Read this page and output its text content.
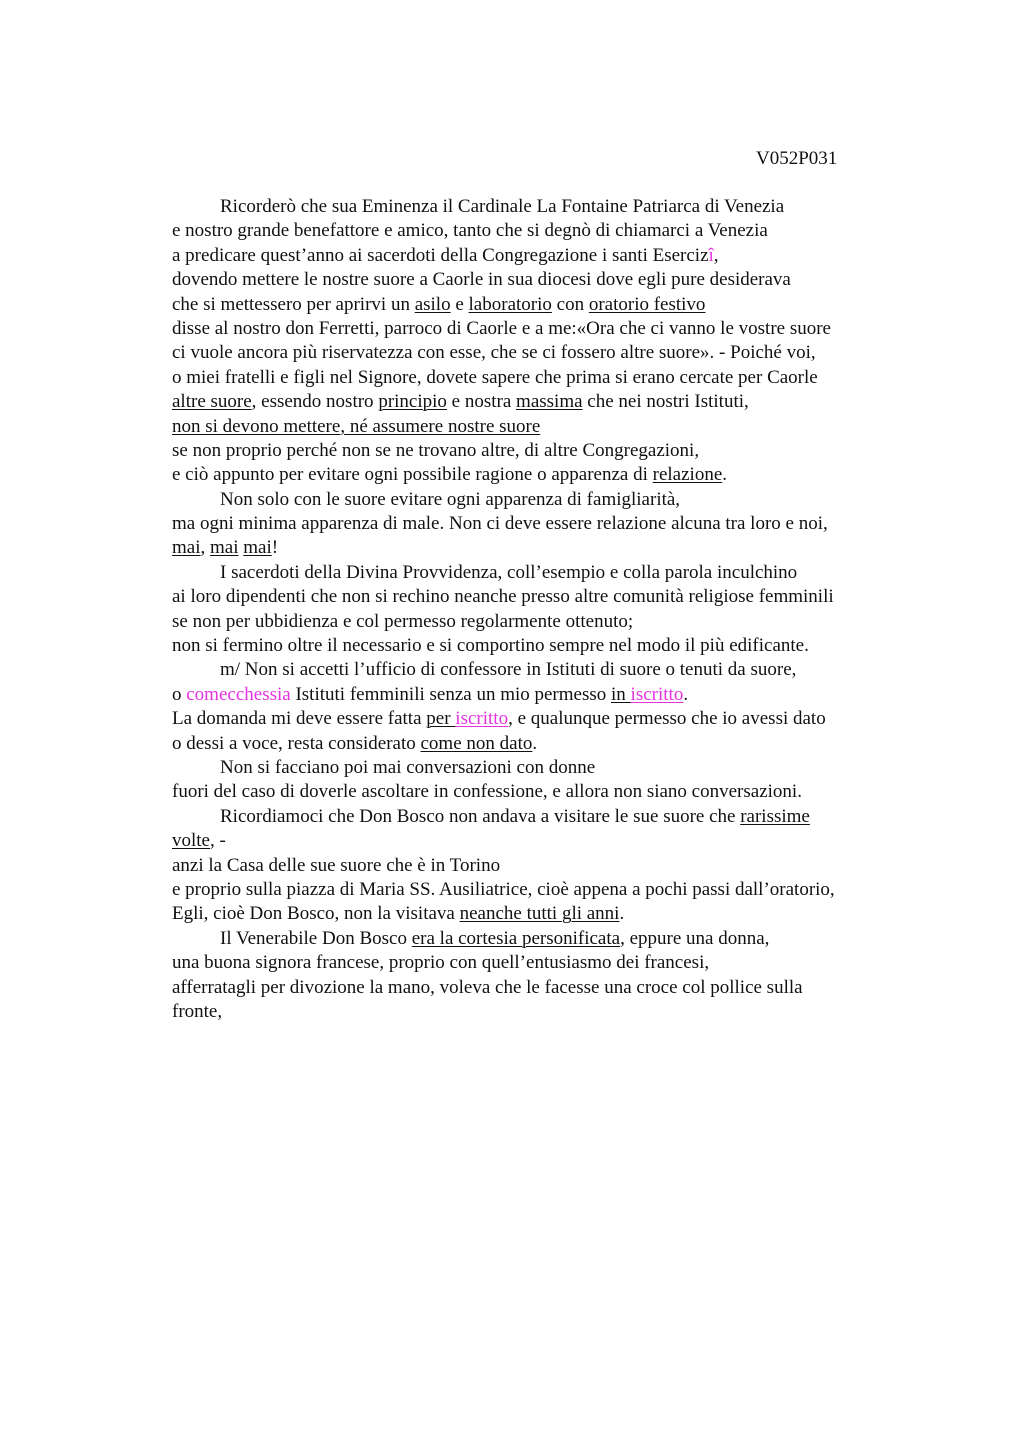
V052P031
Ricorderò che sua Eminenza il Cardinale La Fontaine Patriarca di Venezia
e nostro grande benefattore e amico, tanto che si degnò di chiamarci a Venezia
a predicare quest’anno ai sacerdoti della Congregazione i santi Esercizî,
dovendo mettere le nostre suore a Caorle in sua diocesi dove egli pure desiderava
che si mettessero per aprirvi un asilo e laboratorio con oratorio festivo
disse al nostro don Ferretti, parroco di Caorle e a me:«Ora che ci vanno le vostre suore
ci vuole ancora più riservatezza con esse, che se ci fossero altre suore». - Poiché voi,
o miei fratelli e figli nel Signore, dovete sapere che prima si erano cercate per Caorle
altre suore, essendo nostro principio e nostra massima che nei nostri Istituti,
non si devono mettere, né assumere nostre suore
se non proprio perché non se ne trovano altre, di altre Congregazioni,
e ciò appunto per evitare ogni possibile ragione o apparenza di relazione.
Non solo con le suore evitare ogni apparenza di famigliarità,
ma ogni minima apparenza di male. Non ci deve essere relazione alcuna tra loro e noi,
mai, mai mai!
I sacerdoti della Divina Provvidenza, coll’esempio e colla parola inculchino
ai loro dipendenti che non si rechino neanche presso altre comunità religiose femminili
se non per ubbidienza e col permesso regolarmente ottenuto;
non si fermino oltre il necessario e si comportino sempre nel modo il più edificante.
m/ Non si accetti l’ufficio di confessore in Istituti di suore o tenuti da suore,
o comecchessia Istituti femminili senza un mio permesso in iscritto.
La domanda mi deve essere fatta per iscritto, e qualunque permesso che io avessi dato
o dessi a voce, resta considerato come non dato.
Non si facciano poi mai conversazioni con donne
fuori del caso di doverle ascoltare in confessione, e allora non siano conversazioni.
Ricordiamoci che Don Bosco non andava a visitare le sue suore che rarissime
volte, -
anzi la Casa delle sue suore che è in Torino
e proprio sulla piazza di Maria SS. Ausiliatrice, cioè appena a pochi passi dall’oratorio,
Egli, cioè Don Bosco, non la visitava neanche tutti gli anni.
Il Venerabile Don Bosco era la cortesia personificata, eppure una donna,
una buona signora francese, proprio con quell’entusiasmo dei francesi,
afferratagli per divozione la mano, voleva che le facesse una croce col pollice sulla
fronte,
